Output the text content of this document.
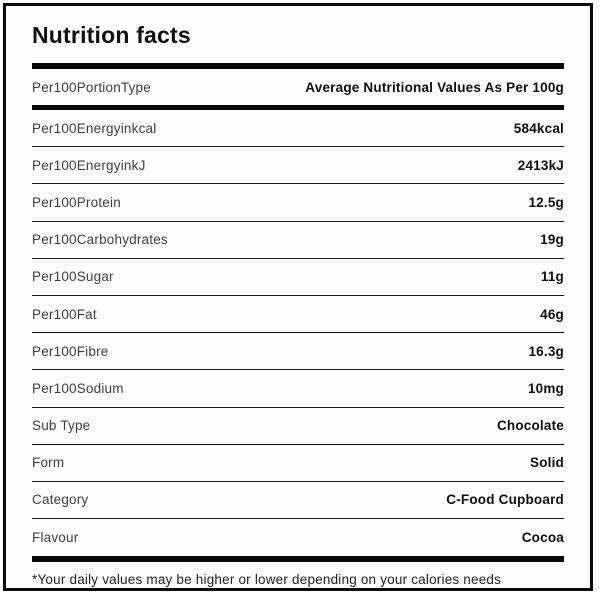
Nutrition facts
Per100PortionType	Average Nutritional Values As Per 100g
Per100Energyinkcal	584kcal
Per100EnergyinkJ	2413kJ
Per100Protein	12.5g
Per100Carbohydrates	19g
Per100Sugar	11g
Per100Fat	46g
Per100Fibre	16.3g
Per100Sodium	10mg
Sub Type	Chocolate
Form	Solid
Category	C-Food Cupboard
Flavour	Cocoa
*Your daily values may be higher or lower depending on your calories needs
